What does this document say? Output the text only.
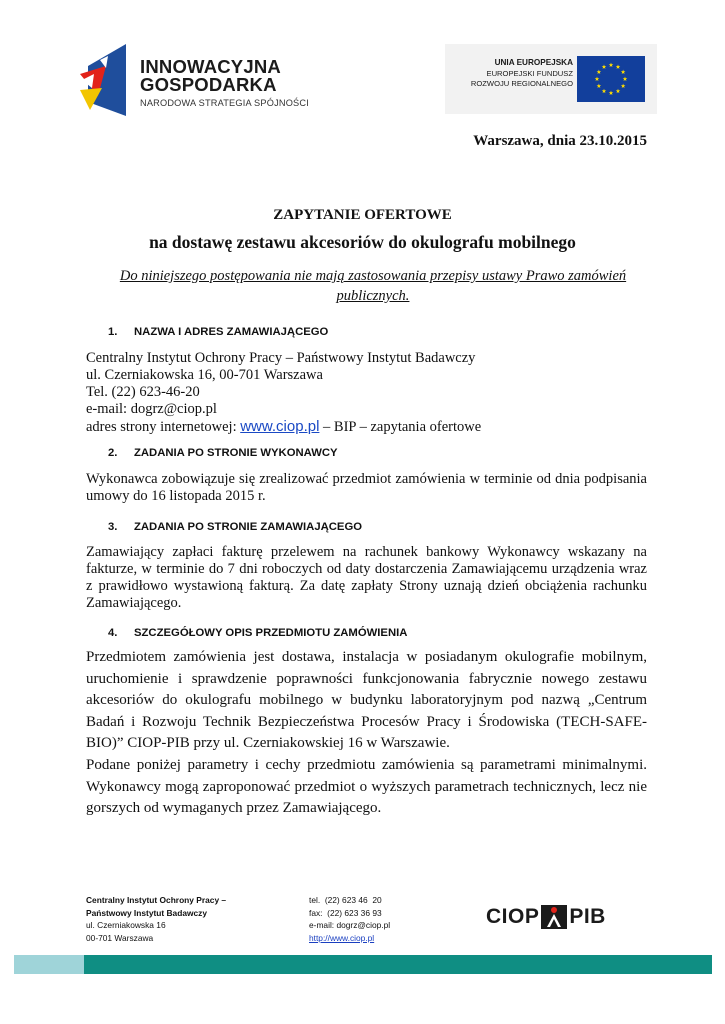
INNOWACYJNA
GOSPODARKA
NARODOWA STRATEGIA SPÓJNOŚCI
UNIA EUROPEJSKA
EUROPEJSKI FUNDUSZ
ROZWOJU REGIONALNEGO
Warszawa, dnia 23.10.2015
ZAPYTANIE OFERTOWE
na dostawę zestawu akcesoriów do okulografu mobilnego
Do niniejszego postępowania nie mają zastosowania przepisy ustawy Prawo zamówień publicznych.
1. NAZWA I ADRES ZAMAWIAJĄCEGO
Centralny Instytut Ochrony Pracy – Państwowy Instytut Badawczy
ul. Czerniakowska 16, 00-701 Warszawa
Tel. (22) 623-46-20
e-mail: dogrz@ciop.pl
adres strony internetowej: www.ciop.pl – BIP – zapytania ofertowe
2. ZADANIA PO STRONIE WYKONAWCY
Wykonawca zobowiązuje się zrealizować przedmiot zamówienia w terminie od dnia podpisania umowy do 16 listopada 2015 r.
3. ZADANIA PO STRONIE ZAMAWIAJĄCEGO
Zamawiający zapłaci fakturę przelewem na rachunek bankowy Wykonawcy wskazany na fakturze, w terminie do 7 dni roboczych od daty dostarczenia Zamawiającemu urządzenia wraz z prawidłowo wystawioną fakturą. Za datę zapłaty Strony uznają dzień obciążenia rachunku Zamawiającego.
4. SZCZEGÓŁOWY OPIS PRZEDMIOTU ZAMÓWIENIA
Przedmiotem zamówienia jest dostawa, instalacja w posiadanym okulografie mobilnym, uruchomienie i sprawdzenie poprawności funkcjonowania fabrycznie nowego zestawu akcesoriów do okulografu mobilnego w budynku laboratoryjnym pod nazwą „Centrum Badań i Rozwoju Technik Bezpieczeństwa Procesów Pracy i Środowiska (TECH-SAFE-BIO)” CIOP-PIB przy ul. Czerniakowskiej 16 w Warszawie.
Podane poniżej parametry i cechy przedmiotu zamówienia są parametrami minimalnymi. Wykonawcy mogą zaproponować przedmiot o wyższych parametrach technicznych, lecz nie gorszych od wymaganych przez Zamawiającego.
Centralny Instytut Ochrony Pracy –
Państwowy Instytut Badawczy
ul. Czerniakowska 16
00-701 Warszawa
tel.  (22) 623 46  20
fax:  (22) 623 36 93
e-mail: dogrz@ciop.pl
http://www.ciop.pl
CIOP PIB
